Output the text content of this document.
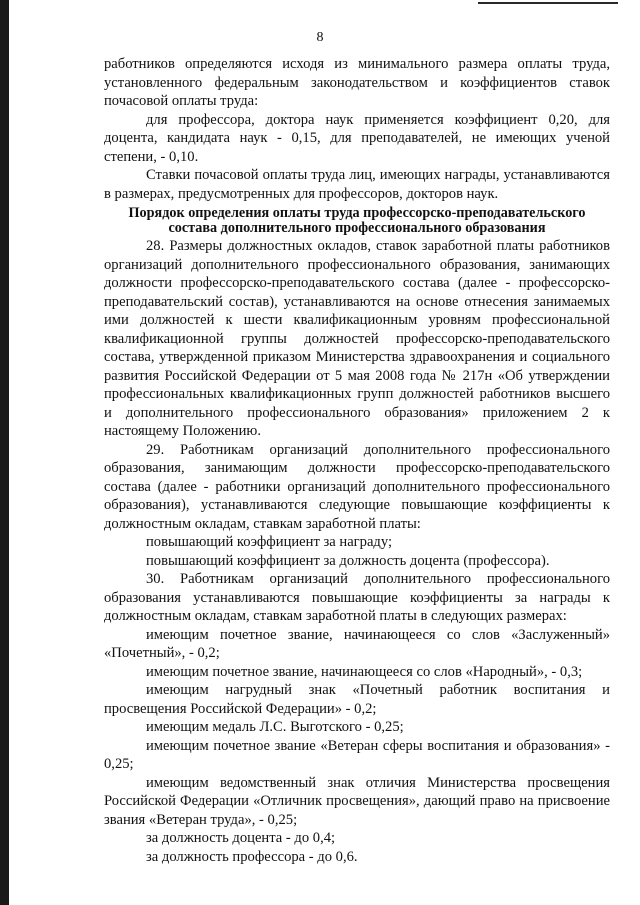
8

работников определяются исходя из минимального размера оплаты труда, установленного федеральным законодательством и коэффициентов ставок почасовой оплаты труда:

для профессора, доктора наук применяется коэффициент 0,20, для доцента, кандидата наук - 0,15, для преподавателей, не имеющих ученой степени, - 0,10.

Ставки почасовой оплаты труда лиц, имеющих награды, устанавливаются в размерах, предусмотренных для профессоров, докторов наук.

Порядок определения оплаты труда профессорско-преподавательского состава дополнительного профессионального образования

28. Размеры должностных окладов, ставок заработной платы работников организаций дополнительного профессионального образования, занимающих должности профессорско-преподавательского состава (далее - профессорско-преподавательский состав), устанавливаются на основе отнесения занимаемых ими должностей к шести квалификационным уровням профессиональной квалификационной группы должностей профессорско-преподавательского состава, утвержденной приказом Министерства здравоохранения и социального развития Российской Федерации от 5 мая 2008 года № 217н «Об утверждении профессиональных квалификационных групп должностей работников высшего и дополнительного профессионального образования» приложением 2 к настоящему Положению.

29. Работникам организаций дополнительного профессионального образования, занимающим должности профессорско-преподавательского состава (далее - работники организаций дополнительного профессионального образования), устанавливаются следующие повышающие коэффициенты к должностным окладам, ставкам заработной платы:

повышающий коэффициент за награду;

повышающий коэффициент за должность доцента (профессора).

30. Работникам организаций дополнительного профессионального образования устанавливаются повышающие коэффициенты за награды к должностным окладам, ставкам заработной платы в следующих размерах:

имеющим почетное звание, начинающееся со слов «Заслуженный» «Почетный», - 0,2;

имеющим почетное звание, начинающееся со слов «Народный», - 0,3;

имеющим нагрудный знак «Почетный работник воспитания и просвещения Российской Федерации» - 0,2;

имеющим медаль Л.С. Выготского - 0,25;

имеющим почетное звание «Ветеран сферы воспитания и образования» - 0,25;

имеющим ведомственный знак отличия Министерства просвещения Российской Федерации «Отличник просвещения», дающий право на присвоение звания «Ветеран труда», - 0,25;

за должность доцента - до 0,4;

за должность профессора - до 0,6.
